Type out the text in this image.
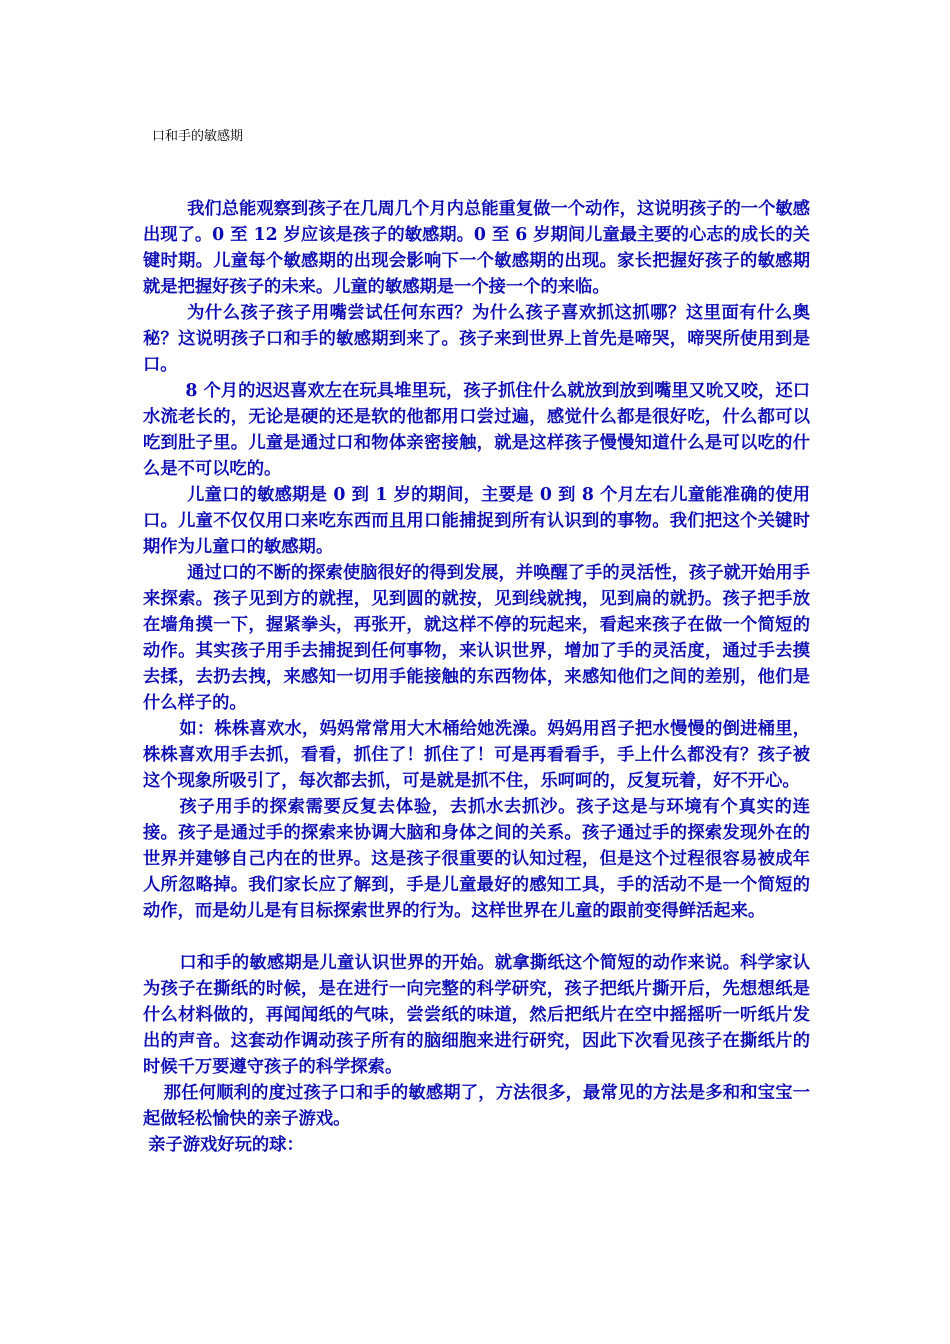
口和手的敏感期

我们总能观察到孩子在几周几个月内总能重复做一个动作，这说明孩子的一个敏感出现了。0 至 12 岁应该是孩子的敏感期。0 至 6 岁期间儿童最主要的心志的成长的关键时期。儿童每个敏感期的出现会影响下一个敏感期的出现。家长把握好孩子的敏感期就是把握好孩子的未来。儿童的敏感期是一个接一个的来临。

为什么孩子孩子用嘴尝试任何东西？为什么孩子喜欢抓这抓哪？这里面有什么奥秘？这说明孩子口和手的敏感期到来了。孩子来到世界上首先是啼哭，啼哭所使用到是口。

8 个月的迟迟喜欢左在玩具堆里玩，孩子抓住什么就放到放到嘴里又吮又咬，还口水流老长的，无论是硬的还是软的他都用口尝过遍，感觉什么都是很好吃，什么都可以吃到肚子里。儿童是通过口和物体亲密接触，就是这样孩子慢慢知道什么是可以吃的什么是不可以吃的。

儿童口的敏感期是 0 到 1 岁的期间，主要是 0 到 8 个月左右儿童能准确的使用口。儿童不仅仅用口来吃东西而且用口能捕捉到所有认识到的事物。我们把这个关键时期作为儿童口的敏感期。

通过口的不断的探索使脑很好的得到发展，并唤醒了手的灵活性，孩子就开始用手来探索。孩子见到方的就捏，见到圆的就按，见到线就拽，见到扁的就扔。孩子把手放在墙角摸一下，握紧拳头，再张开，就这样不停的玩起来，看起来孩子在做一个简短的动作。其实孩子用手去捕捉到任何事物，来认识世界，增加了手的灵活度，通过手去摸去揉，去扔去拽，来感知一切用手能接触的东西物体，来感知他们之间的差别，他们是什么样子的。

如：株株喜欢水，妈妈常常用大木桶给她洗澡。妈妈用舀子把水慢慢的倒进桶里，株株喜欢用手去抓，看看，抓住了！抓住了！可是再看看手，手上什么都没有？孩子被这个现象所吸引了，每次都去抓，可是就是抓不住，乐呵呵的，反复玩着，好不开心。

孩子用手的探索需要反复去体验，去抓水去抓沙。孩子这是与环境有个真实的连接。孩子是通过手的探索来协调大脑和身体之间的关系。孩子通过手的探索发现外在的世界并建够自己内在的世界。这是孩子很重要的认知过程，但是这个过程很容易被成年人所忽略掉。我们家长应了解到，手是儿童最好的感知工具，手的活动不是一个简短的动作，而是幼儿是有目标探索世界的行为。这样世界在儿童的跟前变得鲜活起来。

口和手的敏感期是儿童认识世界的开始。就拿撕纸这个简短的动作来说。科学家认为孩子在撕纸的时候，是在进行一向完整的科学研究，孩子把纸片撕开后，先想想纸是什么材料做的，再闻闻纸的气味，尝尝纸的味道，然后把纸片在空中摇摇听一听纸片发出的声音。这套动作调动孩子所有的脑细胞来进行研究，因此下次看见孩子在撕纸片的时候千万要遵守孩子的科学探索。

那任何顺利的度过孩子口和手的敏感期了，方法很多，最常见的方法是多和和宝宝一起做轻松愉快的亲子游戏。

亲子游戏好玩的球：
